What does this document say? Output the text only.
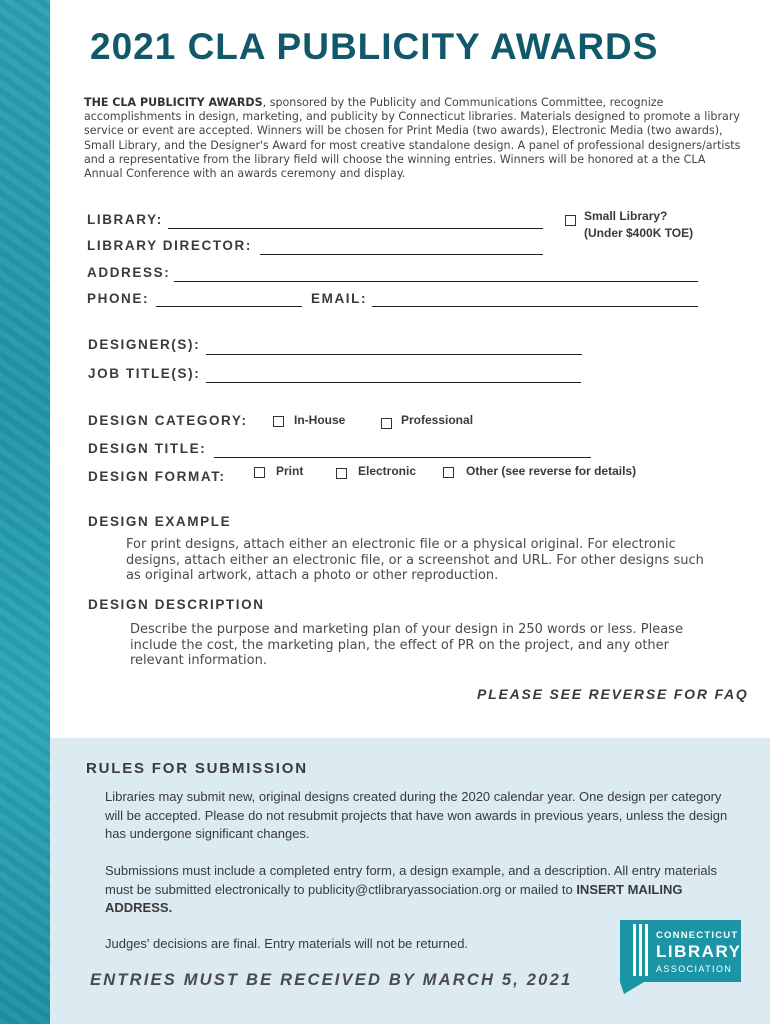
2021 CLA PUBLICITY AWARDS
THE CLA PUBLICITY AWARDS, sponsored by the Publicity and Communications Committee, recognize accomplishments in design, marketing, and publicity by Connecticut libraries. Materials designed to promote a library service or event are accepted. Winners will be chosen for Print Media (two awards), Electronic Media (two awards), Small Library, and the Designer's Award for most creative standalone design. A panel of professional designers/artists and a representative from the library field will choose the winning entries. Winners will be honored at a the CLA Annual Conference with an awards ceremony and display.
LIBRARY:
LIBRARY DIRECTOR:
Small Library? (Under $400K TOE)
ADDRESS:
PHONE:	EMAIL:
DESIGNER(S):
JOB TITLE(S):
DESIGN CATEGORY:	In-House	Professional
DESIGN TITLE:
DESIGN FORMAT:	Print	Electronic	Other (see reverse for details)
DESIGN EXAMPLE
For print designs, attach either an electronic file or a physical original. For electronic designs, attach either an electronic file, or a screenshot and URL. For other designs such as original artwork, attach a photo or other reproduction.
DESIGN DESCRIPTION
Describe the purpose and marketing plan of your design in 250 words or less. Please include the cost, the marketing plan, the effect of PR on the project, and any other relevant information.
PLEASE SEE REVERSE FOR FAQ
RULES FOR SUBMISSION
Libraries may submit new, original designs created during the 2020 calendar year. One design per category will be accepted. Please do not resubmit projects that have won awards in previous years, unless the design has undergone significant changes.
Submissions must include a completed entry form, a design example, and a description. All entry materials must be submitted electronically to publicity@ctlibraryassociation.org or mailed to INSERT MAILING ADDRESS.
Judges' decisions are final. Entry materials will not be returned.
ENTRIES MUST BE RECEIVED BY MARCH 5, 2021
CONNECTICUT
LIBRARY
ASSOCIATION
